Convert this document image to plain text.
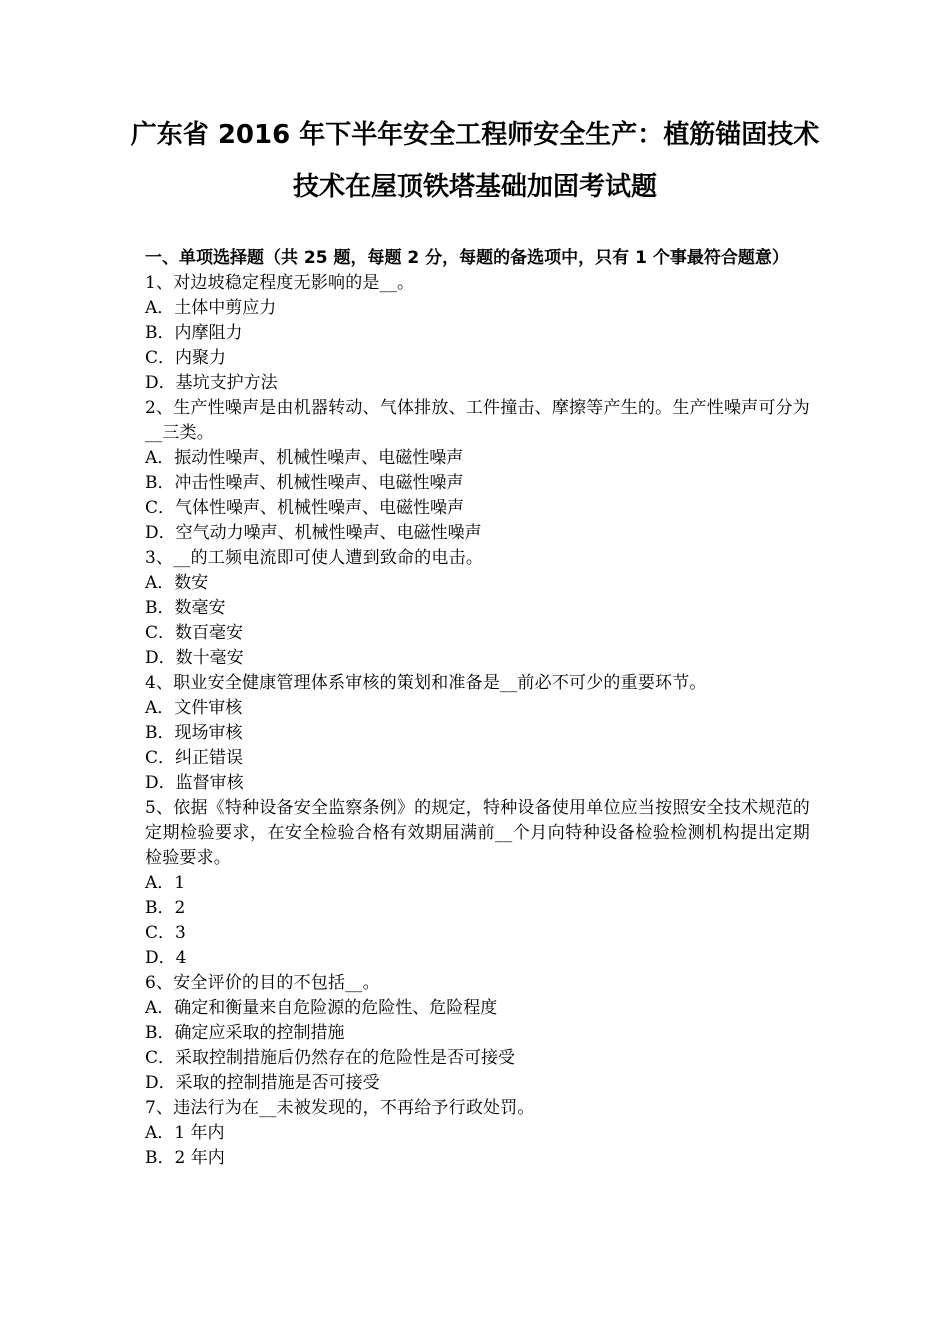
广东省 2016 年下半年安全工程师安全生产：植筋锚固技术
技术在屋顶铁塔基础加固考试题
一、单项选择题（共 25 题，每题 2 分，每题的备选项中，只有 1 个事最符合题意）
1、对边坡稳定程度无影响的是__。
A．土体中剪应力
B．内摩阻力
C．内聚力
D．基坑支护方法
2、生产性噪声是由机器转动、气体排放、工件撞击、摩擦等产生的。生产性噪声可分为__三类。
A．振动性噪声、机械性噪声、电磁性噪声
B．冲击性噪声、机械性噪声、电磁性噪声
C．气体性噪声、机械性噪声、电磁性噪声
D．空气动力噪声、机械性噪声、电磁性噪声
3、__的工频电流即可使人遭到致命的电击。
A．数安
B．数毫安
C．数百毫安
D．数十毫安
4、职业安全健康管理体系审核的策划和准备是__前必不可少的重要环节。
A．文件审核
B．现场审核
C．纠正错误
D．监督审核
5、依据《特种设备安全监察条例》的规定，特种设备使用单位应当按照安全技术规范的定期检验要求，在安全检验合格有效期届满前__个月向特种设备检验检测机构提出定期检验要求。
A．1
B．2
C．3
D．4
6、安全评价的目的不包括__。
A．确定和衡量来自危险源的危险性、危险程度
B．确定应采取的控制措施
C．采取控制措施后仍然存在的危险性是否可接受
D．采取的控制措施是否可接受
7、违法行为在__未被发现的，不再给予行政处罚。
A．1 年内
B．2 年内
